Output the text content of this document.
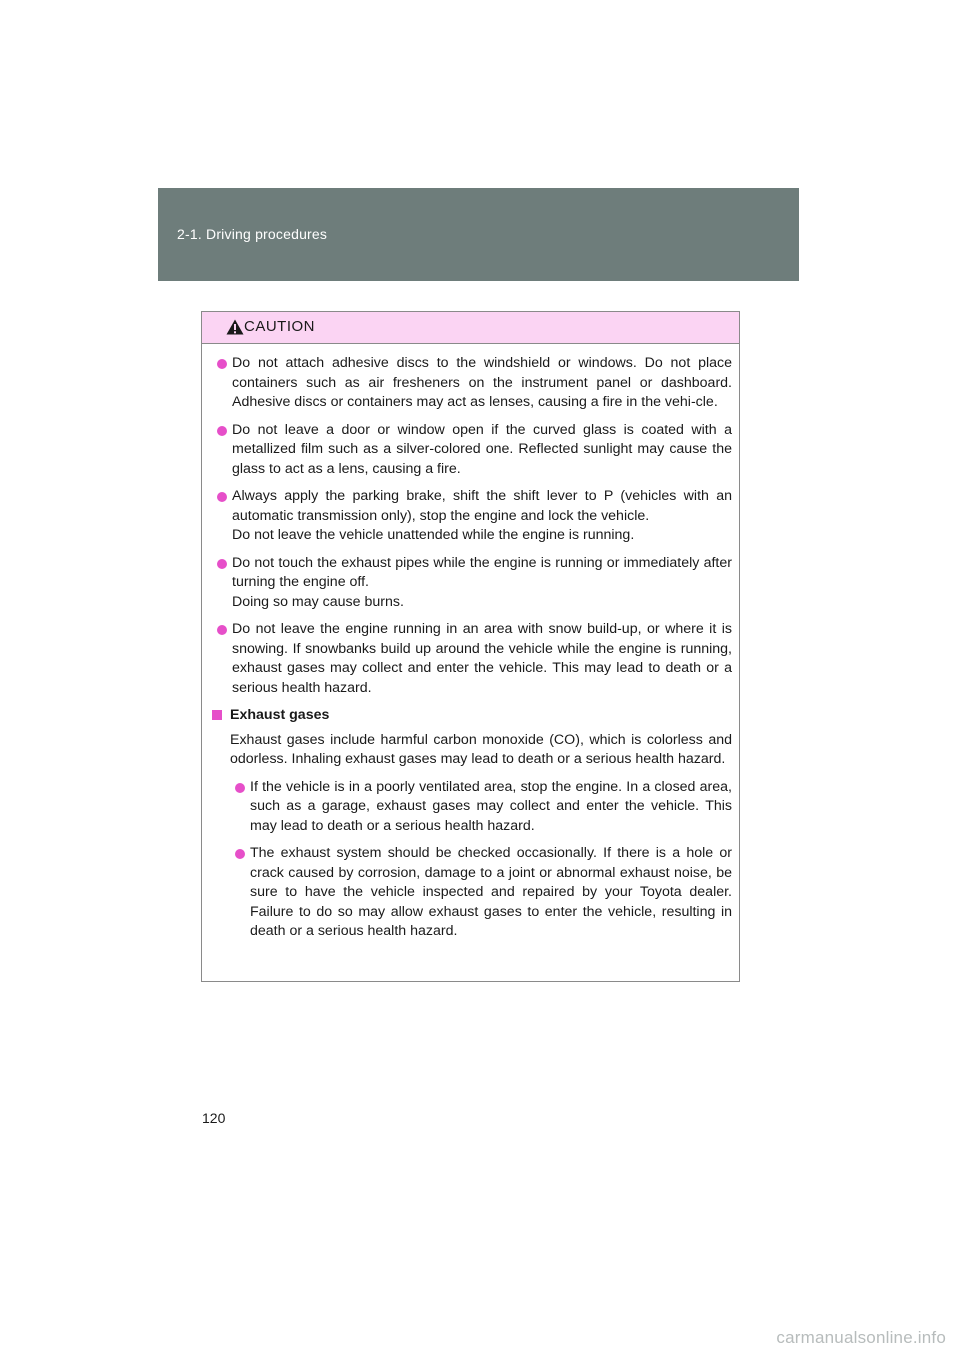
2-1. Driving procedures
CAUTION

Do not attach adhesive discs to the windshield or windows. Do not place containers such as air fresheners on the instrument panel or dashboard. Adhesive discs or containers may act as lenses, causing a fire in the vehi-cle.

Do not leave a door or window open if the curved glass is coated with a metallized film such as a silver-colored one. Reflected sunlight may cause the glass to act as a lens, causing a fire.

Always apply the parking brake, shift the shift lever to P (vehicles with an automatic transmission only), stop the engine and lock the vehicle.

Do not leave the vehicle unattended while the engine is running.

Do not touch the exhaust pipes while the engine is running or immediately after turning the engine off.

Doing so may cause burns.

Do not leave the engine running in an area with snow build-up, or where it is snowing. If snowbanks build up around the vehicle while the engine is running, exhaust gases may collect and enter the vehicle. This may lead to death or a serious health hazard.

Exhaust gases

Exhaust gases include harmful carbon monoxide (CO), which is colorless and odorless. Inhaling exhaust gases may lead to death or a serious health hazard.

If the vehicle is in a poorly ventilated area, stop the engine. In a closed area, such as a garage, exhaust gases may collect and enter the vehicle. This may lead to death or a serious health hazard.

The exhaust system should be checked occasionally. If there is a hole or crack caused by corrosion, damage to a joint or abnormal exhaust noise, be sure to have the vehicle inspected and repaired by your Toyota dealer. Failure to do so may allow exhaust gases to enter the vehicle, resulting in death or a serious health hazard.

120
carmanualsonline.info
